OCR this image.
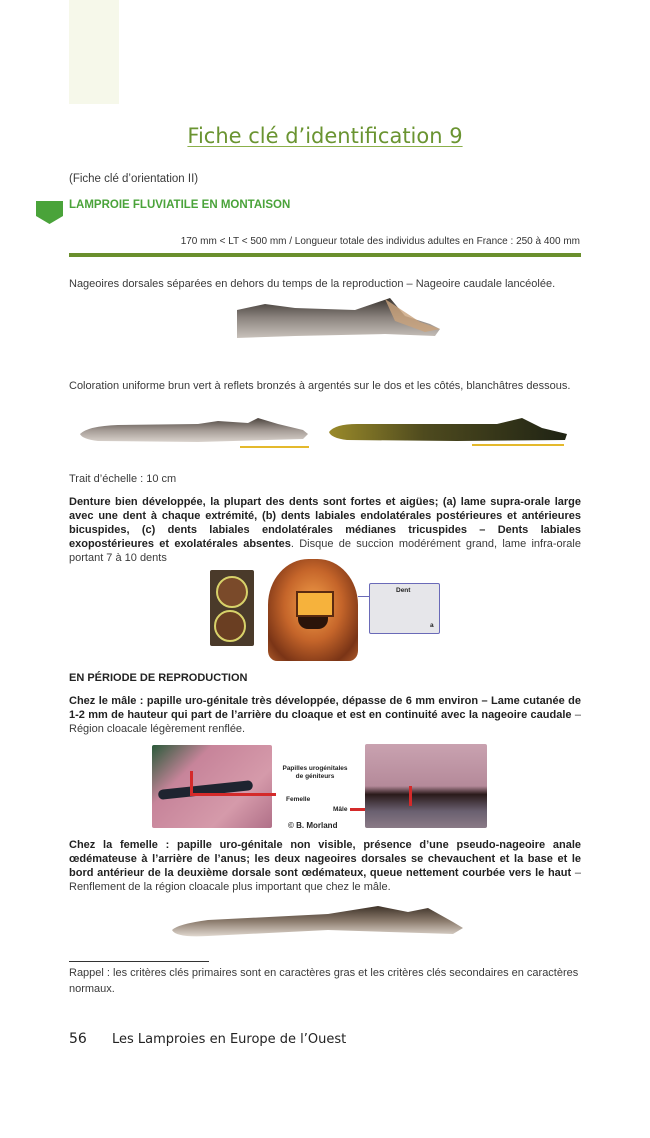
Fiche clé d’identification 9
(Fiche clé d’orientation II)
LAMPROIE FLUVIATILE EN MONTAISON
170 mm < LT < 500 mm / Longueur totale des individus adultes en France : 250 à 400 mm
Nageoires dorsales séparées en dehors du temps de la reproduction – Nageoire caudale lancéolée.
Coloration uniforme brun vert à reflets bronzés à argentés sur le dos et les côtés, blanchâtres dessous.
Trait d’échelle : 10 cm
Denture bien développée, la plupart des dents sont fortes et aigües; (a) lame supra-orale large avec une dent à chaque extrémité, (b) dents labiales endolatérales postérieures et antérieures bicuspides, (c) dents labiales endolatérales médianes tricuspides – Dents labiales exopostérieures et exolatérales absentes. Disque de succion modérément grand, lame infra-orale portant 7 à 10 dents
Dent
a
EN PÉRIODE DE REPRODUCTION
Chez le mâle : papille uro-génitale très développée, dépasse de 6 mm environ – Lame cutanée de 1-2 mm de hauteur qui part de l’arrière du cloaque et est en continuité avec la nageoire caudale – Région cloacale légèrement renflée.
Papilles urogénitales de géniteurs
Femelle
Mâle
© B. Morland
Chez la femelle : papille uro-génitale non visible, présence d’une pseudo-nageoire anale œdémateuse à l’arrière de l’anus; les deux nageoires dorsales se chevauchent et la base et le bord antérieur de la deuxième dorsale sont œdémateux, queue nettement courbée vers le haut – Renflement de la région cloacale plus important que chez le mâle.
Rappel : les critères clés primaires sont en caractères gras et les critères clés secondaires en caractères normaux.
56 Les Lamproies en Europe de l’Ouest
